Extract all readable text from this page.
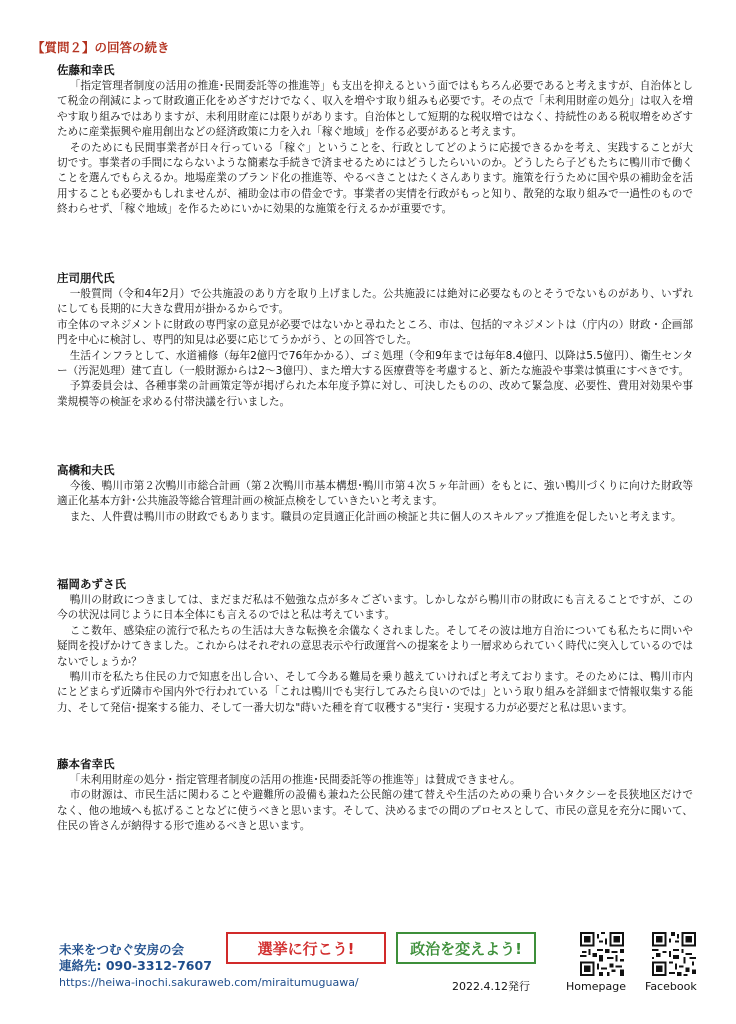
【質問２】の回答の続き
佐藤和幸氏

「指定管理者制度の活用の推進･民間委託等の推進等」も支出を抑えるという面ではもちろん必要であると考えますが、自治体として税金の削減によって財政適正化をめざすだけでなく、収入を増やす取り組みも必要です。その点で「未利用財産の処分」は収入を増やす取り組みではありますが、未利用財産には限りがあります。自治体として短期的な税収増ではなく、持続性のある税収増をめざすために産業振興や雇用創出などの経済政策に力を入れ「稼ぐ地域」を作る必要があると考えます。

そのためにも民間事業者が日々行っている「稼ぐ」ということを、行政としてどのように応援できるかを考え、実践することが大切です。事業者の手間にならないような簡素な手続きで済ませるためにはどうしたらいいのか。どうしたら子どもたちに鴨川市で働くことを選んでもらえるか。地場産業のブランド化の推進等、やるべきことはたくさんあります。施策を行うために国や県の補助金を活用することも必要かもしれませんが、補助金は市の借金です。事業者の実情を行政がもっと知り、散発的な取り組みで一過性のもので終わらせず、「稼ぐ地域」を作るためにいかに効果的な施策を行えるかが重要です。

庄司朋代氏

一般質問（令和4年2月）で公共施設のあり方を取り上げました。公共施設には絶対に必要なものとそうでないものがあり、いずれにしても長期的に大きな費用が掛かるからです。

市全体のマネジメントに財政の専門家の意見が必要ではないかと尋ねたところ、市は、包括的マネジメントは（庁内の）財政・企画部門を中心に検討し、専門的知見は必要に応じてうかがう、との回答でした。

生活インフラとして、水道補修（毎年2億円で76年かかる）、ゴミ処理（令和9年までは毎年8.4億円、以降は5.5億円）、衛生センター（汚泥処理）建て直し（一般財源からは2〜3億円）、また増大する医療費等を考慮すると、新たな施設や事業は慎重にすべきです。

予算委員会は、各種事業の計画策定等が掲げられた本年度予算に対し、可決したものの、改めて緊急度、必要性、費用対効果や事業規模等の検証を求める付帯決議を行いました。

高橋和夫氏

今後、鴨川市第２次鴨川市総合計画（第２次鴨川市基本構想･鴨川市第４次５ヶ年計画）をもとに、強い鴨川づくりに向けた財政等適正化基本方針･公共施設等総合管理計画の検証点検をしていきたいと考えます。

また、人件費は鴨川市の財政でもあります。職員の定員適正化計画の検証と共に個人のスキルアップ推進を促したいと考えます。

福岡あずさ氏

鴨川の財政につきましては、まだまだ私は不勉強な点が多々ございます。しかしながら鴨川市の財政にも言えることですが、この今の状況は同じように日本全体にも言えるのではと私は考えています。

ここ数年、感染症の流行で私たちの生活は大きな転換を余儀なくされました。そしてその波は地方自治についても私たちに問いや疑問を投げかけてきました。これからはそれぞれの意思表示や行政運営への提案をより一層求められていく時代に突入しているのではないでしょうか？

鴨川市を私たち住民の力で知恵を出し合い、そして今ある難局を乗り越えていければと考えております。そのためには、鴨川市内にとどまらず近隣市や国内外で行われている「これは鴨川でも実行してみたら良いのでは」という取り組みを詳細まで情報収集する能力、そして発信･提案する能力、そして一番大切な"蒔いた種を育て収穫する"実行・実現する力が必要だと私は思います。

藤本省幸氏

「未利用財産の処分・指定管理者制度の活用の推進･民間委託等の推進等」は賛成できません。

市の財源は、市民生活に関わることや避難所の設備も兼ねた公民館の建て替えや生活のための乗り合いタクシーを長狭地区だけでなく、他の地域へも拡げることなどに使うべきと思います。そして、決めるまでの間のプロセスとして、市民の意見を充分に聞いて、住民の皆さんが納得する形で進めるべきと思います。

未来をつむぐ安房の会
連絡先: 090-3312-7607
https://heiwa-inochi.sakuraweb.com/miraitumuguawa/
選挙に行こう!	政治を変えよう!
2022.4.12発行	Homepage Facebook
